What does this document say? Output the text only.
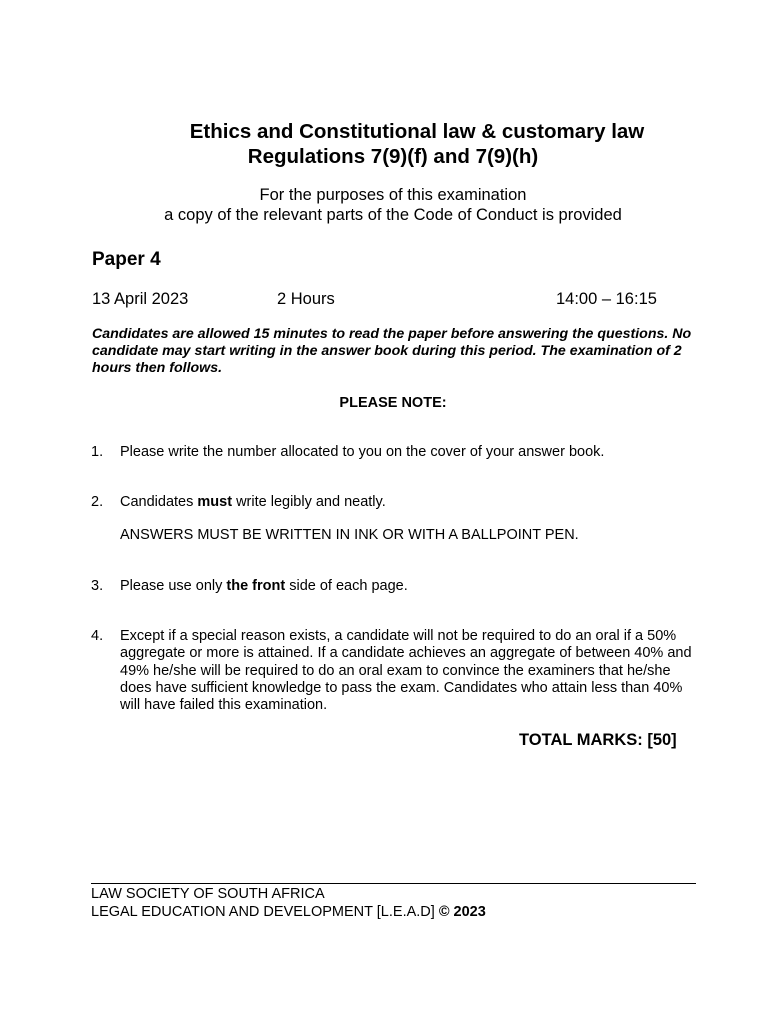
Ethics and Constitutional law & customary law
Regulations 7(9)(f) and 7(9)(h)
For the purposes of this examination
a copy of the relevant parts of the Code of Conduct is provided
Paper 4
13 April 2023	2 Hours	14:00 – 16:15
Candidates are allowed 15 minutes to read the paper before answering the questions. No candidate may start writing in the answer book during this period. The examination of 2 hours then follows.
PLEASE NOTE:
1. Please write the number allocated to you on the cover of your answer book.
2. Candidates must write legibly and neatly.
ANSWERS MUST BE WRITTEN IN INK OR WITH A BALLPOINT PEN.
3. Please use only the front side of each page.
4. Except if a special reason exists, a candidate will not be required to do an oral if a 50% aggregate or more is attained. If a candidate achieves an aggregate of between 40% and 49% he/she will be required to do an oral exam to convince the examiners that he/she does have sufficient knowledge to pass the exam. Candidates who attain less than 40% will have failed this examination.
TOTAL MARKS: [50]
LAW SOCIETY OF SOUTH AFRICA
LEGAL EDUCATION AND DEVELOPMENT [L.E.A.D] © 2023
